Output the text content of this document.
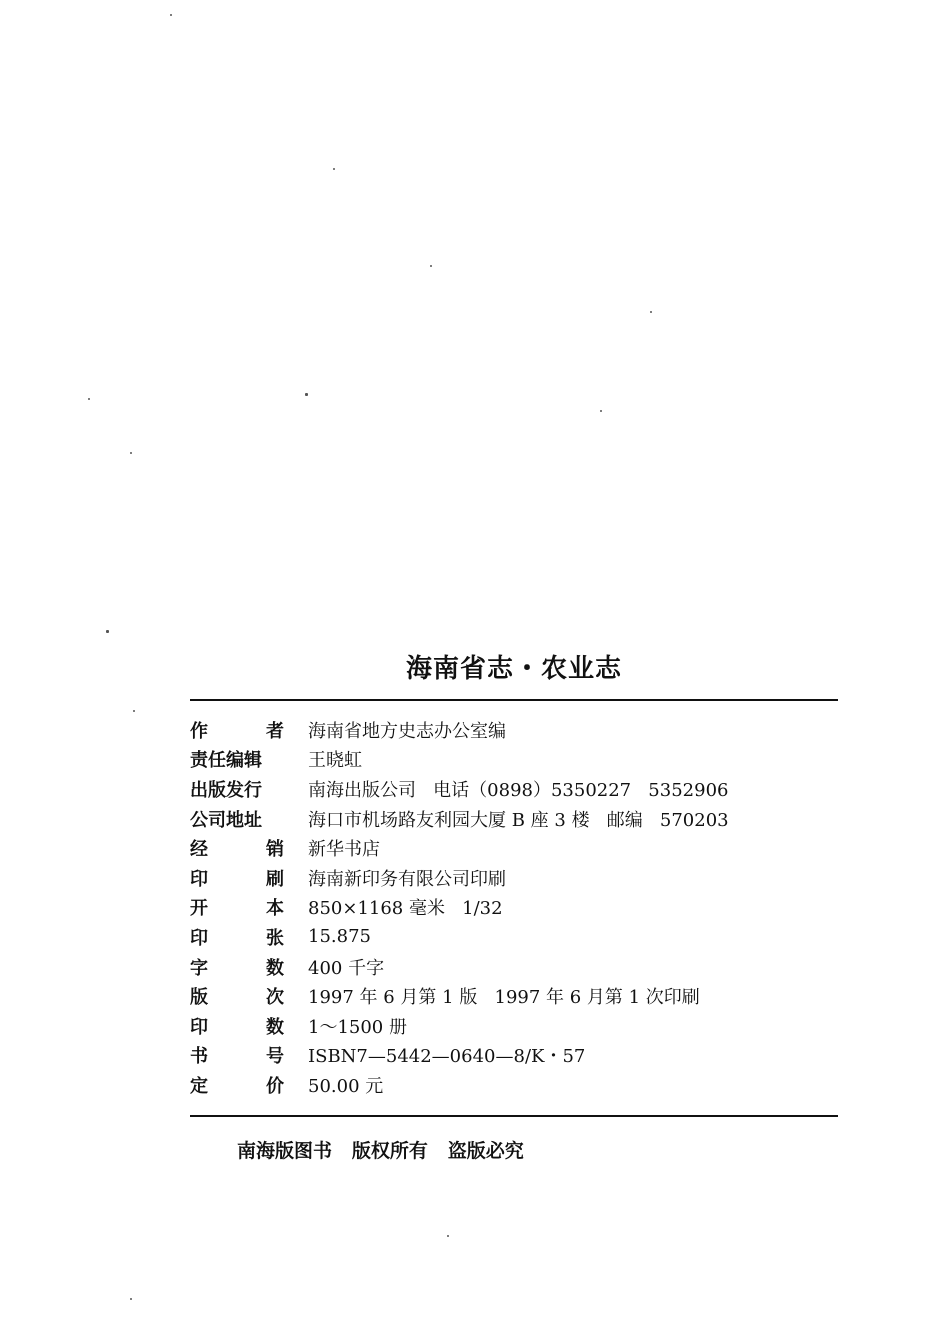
海南省志・农业志
作	者 海南省地方史志办公室编
责任编辑	王晓虹
出版发行	南海出版公司   电话（0898）5350227   5352906
公司地址	海口市机场路友利园大厦 B 座 3 楼   邮编   570203
经	销 新华书店
印	刷 海南新印务有限公司印刷
开	本 850×1168 毫米   1/32
印	张 15.875
字	数 400 千字
版	次 1997 年 6 月第 1 版   1997 年 6 月第 1 次印刷
印	数 1～1500 册
书	号 ISBN7—5442—0640—8/K・57
定	价 50.00 元
南海版图书   版权所有   盗版必究
